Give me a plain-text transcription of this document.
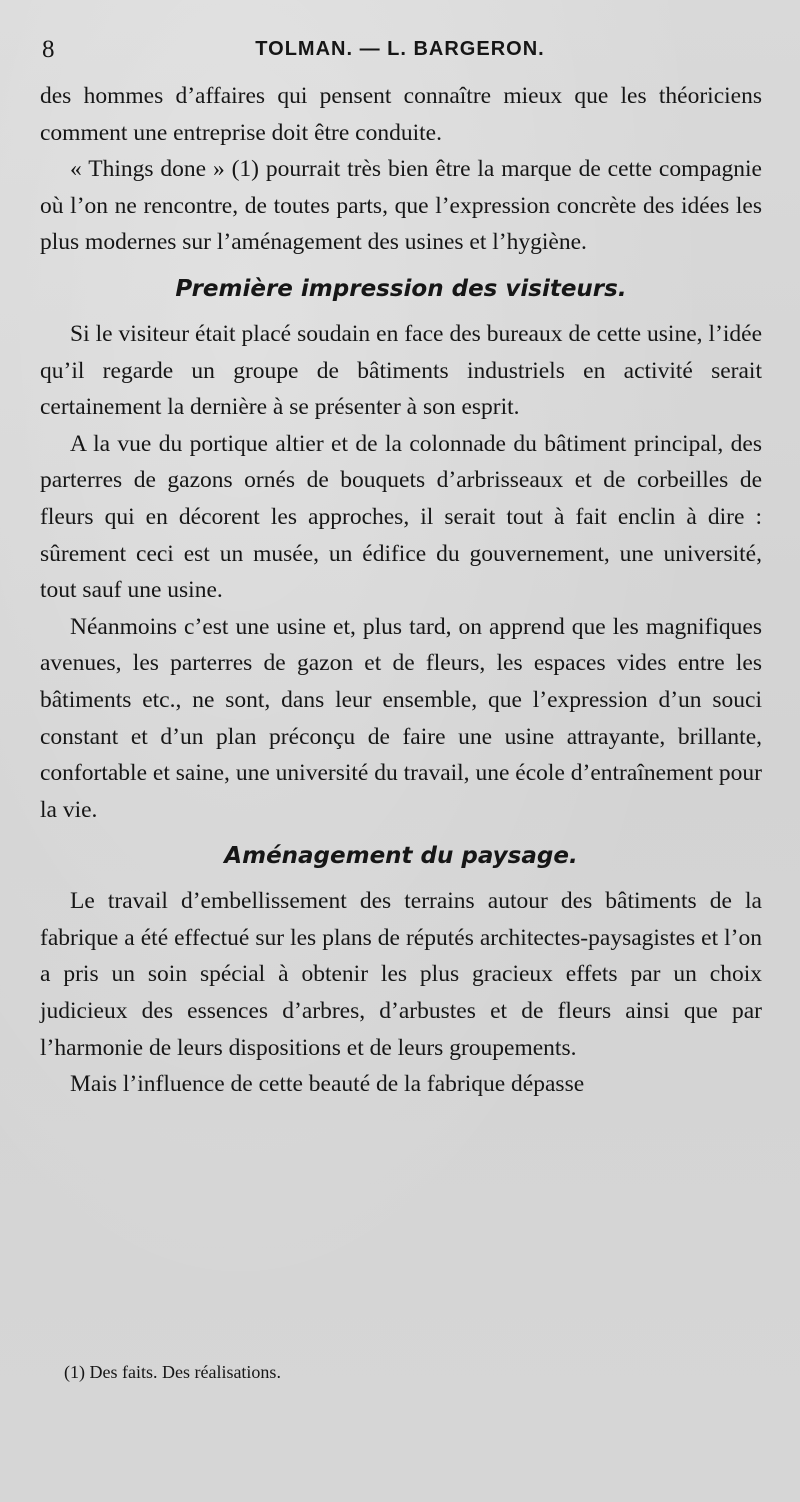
8	TOLMAN. — L. BARGERON.

des hommes d’affaires qui pensent connaître mieux que les théoriciens comment une entreprise doit être conduite.

« Things done » (1) pourrait très bien être la marque de cette compagnie où l’on ne rencontre, de toutes parts, que l’expression concrète des idées les plus modernes sur l’aménagement des usines et l’hygiène.

Première impression des visiteurs.

Si le visiteur était placé soudain en face des bureaux de cette usine, l’idée qu’il regarde un groupe de bâtiments industriels en activité serait certainement la dernière à se présenter à son esprit.

A la vue du portique altier et de la colonnade du bâtiment principal, des parterres de gazons ornés de bouquets d’arbrisseaux et de corbeilles de fleurs qui en décorent les approches, il serait tout à fait enclin à dire : sûrement ceci est un musée, un édifice du gouvernement, une université, tout sauf une usine.

Néanmoins c’est une usine et, plus tard, on apprend que les magnifiques avenues, les parterres de gazon et de fleurs, les espaces vides entre les bâtiments etc., ne sont, dans leur ensemble, que l’expression d’un souci constant et d’un plan préconçu de faire une usine attrayante, brillante, confortable et saine, une université du travail, une école d’entraînement pour la vie.

Aménagement du paysage.

Le travail d’embellissement des terrains autour des bâtiments de la fabrique a été effectué sur les plans de réputés architectes-paysagistes et l’on a pris un soin spécial à obtenir les plus gracieux effets par un choix judicieux des essences d’arbres, d’arbustes et de fleurs ainsi que par l’harmonie de leurs dispositions et de leurs groupements.

Mais l’influence de cette beauté de la fabrique dépasse

(1) Des faits. Des réalisations.
